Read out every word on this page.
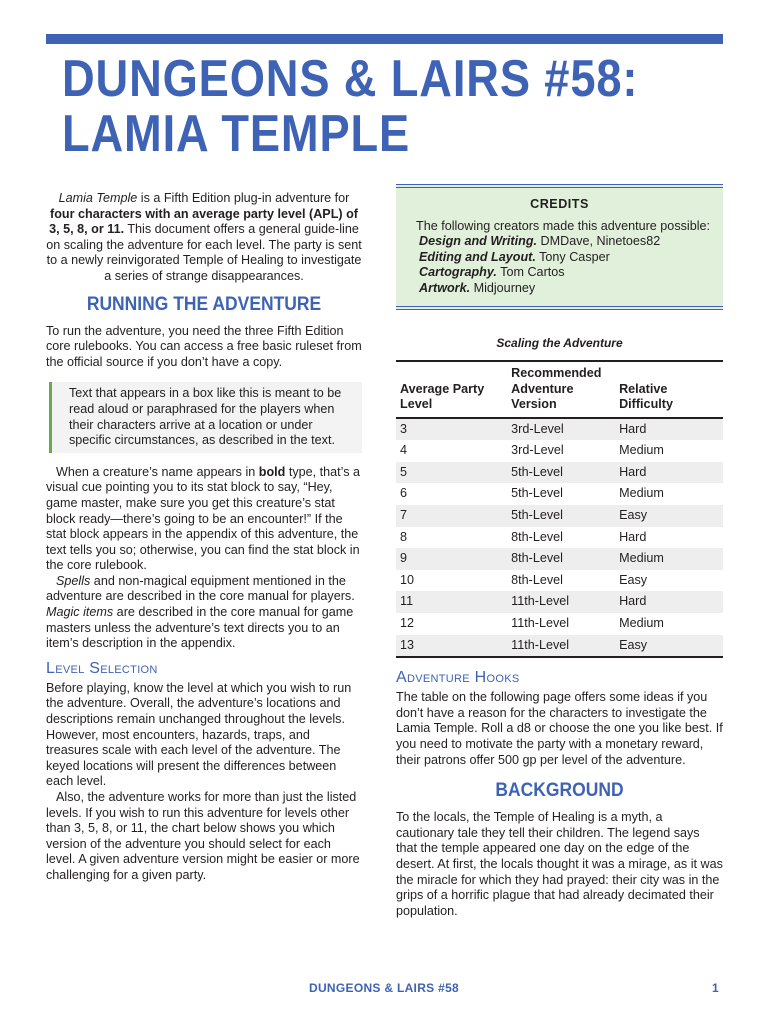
DUNGEONS & LAIRS #58:
LAMIA TEMPLE

Lamia Temple is a Fifth Edition plug-in adventure for four characters with an average party level (APL) of 3, 5, 8, or 11. This document offers a general guide-line on scaling the adventure for each level. The party is sent to a newly reinvigorated Temple of Healing to investigate a series of strange disappearances.

RUNNING THE ADVENTURE

To run the adventure, you need the three Fifth Edition core rulebooks. You can access a free basic ruleset from the official source if you don’t have a copy.

Text that appears in a box like this is meant to be read aloud or paraphrased for the players when their characters arrive at a location or under specific circumstances, as described in the text.

When a creature’s name appears in bold type, that’s a visual cue pointing you to its stat block to say, “Hey, game master, make sure you get this creature’s stat block ready—there’s going to be an encounter!” If the stat block appears in the appendix of this adventure, the text tells you so; otherwise, you can find the stat block in the core rulebook.

Spells and non-magical equipment mentioned in the adventure are described in the core manual for players. Magic items are described in the core manual for game masters unless the adventure’s text directs you to an item’s description in the appendix.

Level Selection

Before playing, know the level at which you wish to run the adventure. Overall, the adventure’s locations and descriptions remain unchanged throughout the levels. However, most encounters, hazards, traps, and treasures scale with each level of the adventure. The keyed locations will present the differences between each level.

Also, the adventure works for more than just the listed levels. If you wish to run this adventure for levels other than 3, 5, 8, or 11, the chart below shows you which version of the adventure you should select for each level. A given adventure version might be easier or more challenging for a given party.

CREDITS

The following creators made this adventure possible:

Design and Writing. DMDave, Ninetoes82
Editing and Layout. Tony Casper
Cartography. Tom Cartos
Artwork. Midjourney
Scaling the Adventure
Average Party Level	Recommended Adventure Version	Relative Difficulty
3	3rd-Level	Hard
4	3rd-Level	Medium
5	5th-Level	Hard
6	5th-Level	Medium
7	5th-Level	Easy
8	8th-Level	Hard
9	8th-Level	Medium
10	8th-Level	Easy
11	11th-Level	Hard
12	11th-Level	Medium
13	11th-Level	Easy
Adventure Hooks

The table on the following page offers some ideas if you don’t have a reason for the characters to investigate the Lamia Temple. Roll a d8 or choose the one you like best. If you need to motivate the party with a monetary reward, their patrons offer 500 gp per level of the adventure.

BACKGROUND

To the locals, the Temple of Healing is a myth, a cautionary tale they tell their children. The legend says that the temple appeared one day on the edge of the desert. At first, the locals thought it was a mirage, as it was the miracle for which they had prayed: their city was in the grips of a horrific plague that had already decimated their population.

DUNGEONS & LAIRS #58	1
